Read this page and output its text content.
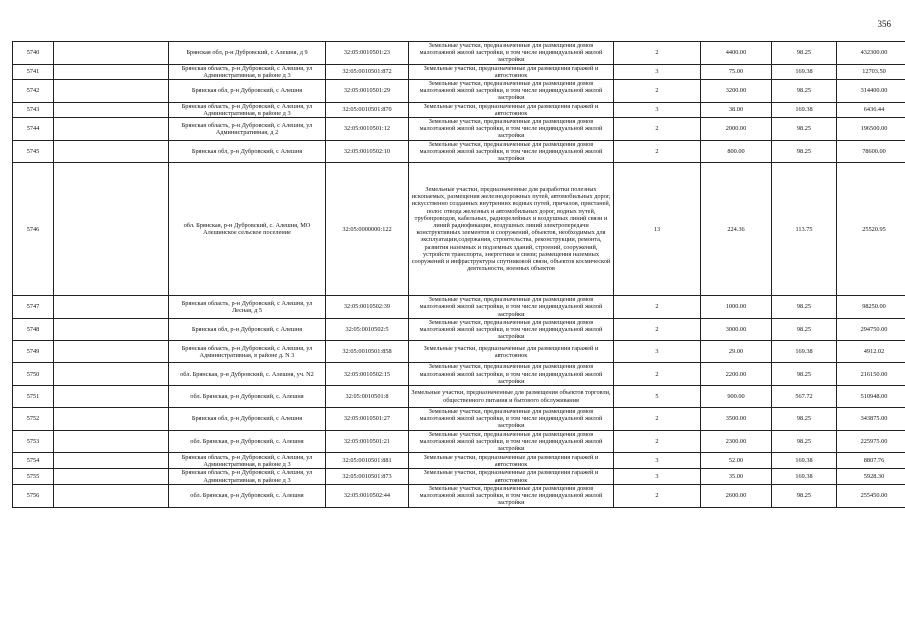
356
5740		Брянская обл, р-н Дубровский, с Алешня, д 9	32:05:0010501:23	Земельные участки, предназначенные для размещения домов малоэтажной жилой застройки, в том числе индивидуальной жилой застройки	2	4400.00	98.25	432300.00
5741		Брянская область, р-н Дубровский, с Алешня, ул Административная, в районе д 3	32:05:0010501:872	Земельные участки, предназначенные для размещения гаражей и автостоянок	3	75.00	169.38	12703.50
5742		Брянская обл, р-н Дубровский, с Алешня	32:05:0010501:29	Земельные участки, предназначенные для размещения домов малоэтажной жилой застройки, в том числе индивидуальной жилой застройки	2	3200.00	98.25	314400.00
5743		Брянская область, р-н Дубровский, с Алешня, ул Административная, в районе д 3	32:05:0010501:870	Земельные участки, предназначенные для размещения гаражей и автостоянок	3	38.00	169.38	6436.44
5744		Брянская область, р-н Дубровский, с Алешня, ул Административная, д 2	32:05:0010501:12	Земельные участки, предназначенные для размещения домов малоэтажной жилой застройки, в том числе индивидуальной жилой застройки	2	2000.00	98.25	196500.00
5745		Брянская обл, р-н Дубровский, с Алешня	32:05:0010502:10	Земельные участки, предназначенные для размещения домов малоэтажной жилой застройки, в том числе индивидуальной жилой застройки	2	800.00	98.25	78600.00
5746		обл. Брянская, р-н Дубровский, с. Алешня, МО Алешинское сельское поселение	32:05:0000000:122	Земельные участки, предназначенные для разработки полезных ископаемых, размещения железнодорожных путей, автомобильных дорог, искусственно созданных внутренних водных путей, причалов, пристаней, полос отвода железных и автомобильных дорог, водных путей, трубопроводов, кабельных, радиорелейных и воздушных линий связи и линий радиофикации, воздушных линий электропередачи конструктивных элементов и сооружений, объектов, необходимых для эксплуатации,содержания, строительства, реконструкции, ремонта, развития наземных и подземных зданий, строений, сооружений, устройств транспорта, энергетики и связи; размещения наземных сооружений и инфраструктуры спутниковой связи, объектов космической деятельности, военных объектов	13	224.36	113.75	25520.95
5747		Брянская область, р-н Дубровский, с Алешня, ул Лесная, д 5	32:05:0010502:39	Земельные участки, предназначенные для размещения домов малоэтажной жилой застройки, в том числе индивидуальной жилой застройки	2	1000.00	98.25	98250.00
5748		Брянская обл, р-н Дубровский, с Алешня	32:05:0010502:5	Земельные участки, предназначенные для размещения домов малоэтажной жилой застройки, в том числе индивидуальной жилой застройки	2	3000.00	98.25	294750.00
5749		Брянская область, р-н Дубровский, с Алешня, ул Административная, в районе д. N 3	32:05:0010501:858	Земельные участки, предназначенные для размещения гаражей и автостоянок	3	29.00	169.38	4912.02
5750		обл. Брянская, р-н Дубровский, с. Алешня, уч. N2	32:05:0010502:15	Земельные участки, предназначенные для размещения домов малоэтажной жилой застройки, в том числе индивидуальной жилой застройки	2	2200.00	98.25	216150.00
5751		обл. Брянская, р-н Дубровский, с. Алешня	32:05:0010501:8	Земельные участки, предназначенные для размещения объектов торговли, общественного питания и бытового обслуживания	5	900.00	567.72	510948.00
5752		Брянская обл, р-н Дубровский, с Алешня	32:05:0010501:27	Земельные участки, предназначенные для размещения домов малоэтажной жилой застройки, в том числе индивидуальной жилой застройки	2	3500.00	98.25	343875.00
5753		обл. Брянская, р-н Дубровский, с. Алешня	32:05:0010501:21	Земельные участки, предназначенные для размещения домов малоэтажной жилой застройки, в том числе индивидуальной жилой застройки	2	2300.00	98.25	225975.00
5754		Брянская область, р-н Дубровский, с Алешня, ул Административная, в районе д 3	32:05:0010501:881	Земельные участки, предназначенные для размещения гаражей и автостоянок	3	52.00	169.38	8807.76
5755		Брянская область, р-н Дубровский, с Алешня, ул Административная, в районе д 3	32:05:0010501:873	Земельные участки, предназначенные для размещения гаражей и автостоянок	3	35.00	169.38	5928.30
5756		обл. Брянская, р-н Дубровский, с. Алешня	32:05:0010502:44	Земельные участки, предназначенные для размещения домов малоэтажной жилой застройки, в том числе индивидуальной жилой застройки	2	2600.00	98.25	255450.00
